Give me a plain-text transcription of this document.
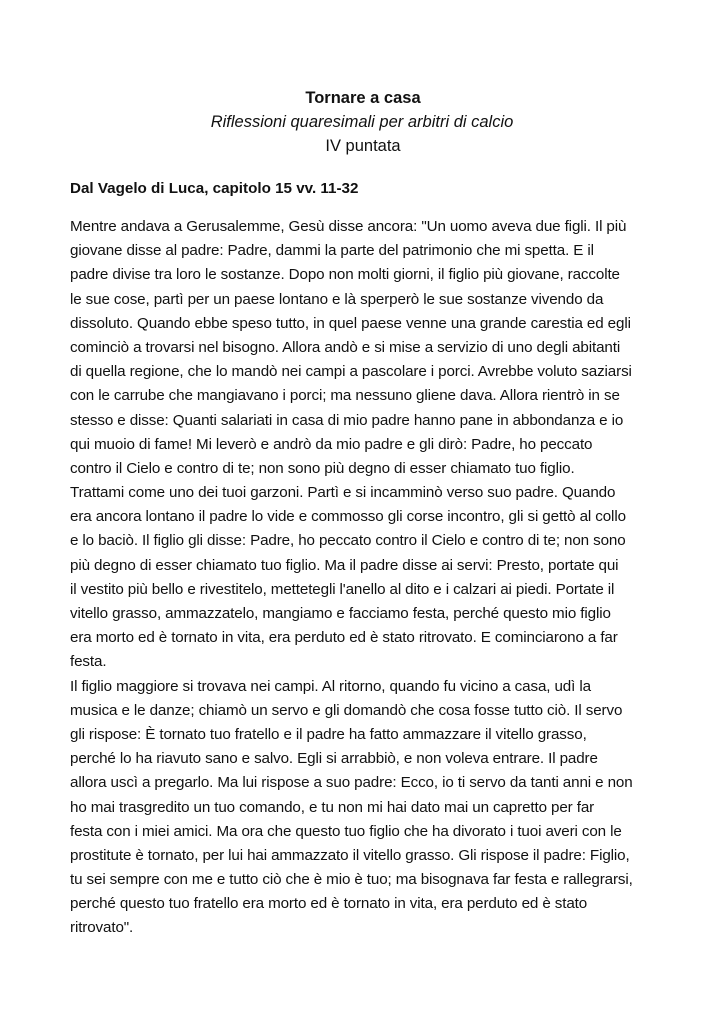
Tornare a casa

Riflessioni quaresimali per arbitri di calcio

IV puntata

Dal Vagelo di Luca, capitolo 15 vv. 11-32

Mentre andava a Gerusalemme, Gesù disse ancora: "Un uomo aveva due figli. Il più
giovane disse al padre: Padre, dammi la parte del patrimonio che mi spetta. E il
padre divise tra loro le sostanze. Dopo non molti giorni, il figlio più giovane, raccolte
le sue cose, partì per un paese lontano e là sperperò le sue sostanze vivendo da
dissoluto. Quando ebbe speso tutto, in quel paese venne una grande carestia ed egli
cominciò a trovarsi nel bisogno. Allora andò e si mise a servizio di uno degli abitanti
di quella regione, che lo mandò nei campi a pascolare i porci. Avrebbe voluto saziarsi
con le carrube che mangiavano i porci; ma nessuno gliene dava. Allora rientrò in se
stesso e disse: Quanti salariati in casa di mio padre hanno pane in abbondanza e io
qui muoio di fame! Mi leverò e andrò da mio padre e gli dirò: Padre, ho peccato
contro il Cielo e contro di te; non sono più degno di esser chiamato tuo figlio.
Trattami come uno dei tuoi garzoni. Partì e si incamminò verso suo padre. Quando
era ancora lontano il padre lo vide e commosso gli corse incontro, gli si gettò al collo
e lo baciò. Il figlio gli disse: Padre, ho peccato contro il Cielo e contro di te; non sono
più degno di esser chiamato tuo figlio. Ma il padre disse ai servi: Presto, portate qui
il vestito più bello e rivestitelo, mettetegli l'anello al dito e i calzari ai piedi. Portate il
vitello grasso, ammazzatelo, mangiamo e facciamo festa, perché questo mio figlio
era morto ed è tornato in vita, era perduto ed è stato ritrovato. E cominciarono a far
festa.
Il figlio maggiore si trovava nei campi. Al ritorno, quando fu vicino a casa, udì la
musica e le danze; chiamò un servo e gli domandò che cosa fosse tutto ciò. Il servo
gli rispose: È tornato tuo fratello e il padre ha fatto ammazzare il vitello grasso,
perché lo ha riavuto sano e salvo. Egli si arrabbiò, e non voleva entrare. Il padre
allora uscì a pregarlo. Ma lui rispose a suo padre: Ecco, io ti servo da tanti anni e non
ho mai trasgredito un tuo comando, e tu non mi hai dato mai un capretto per far
festa con i miei amici. Ma ora che questo tuo figlio che ha divorato i tuoi averi con le
prostitute è tornato, per lui hai ammazzato il vitello grasso. Gli rispose il padre: Figlio,
tu sei sempre con me e tutto ciò che è mio è tuo; ma bisognava far festa e rallegrarsi,
perché questo tuo fratello era morto ed è tornato in vita, era perduto ed è stato
ritrovato".
